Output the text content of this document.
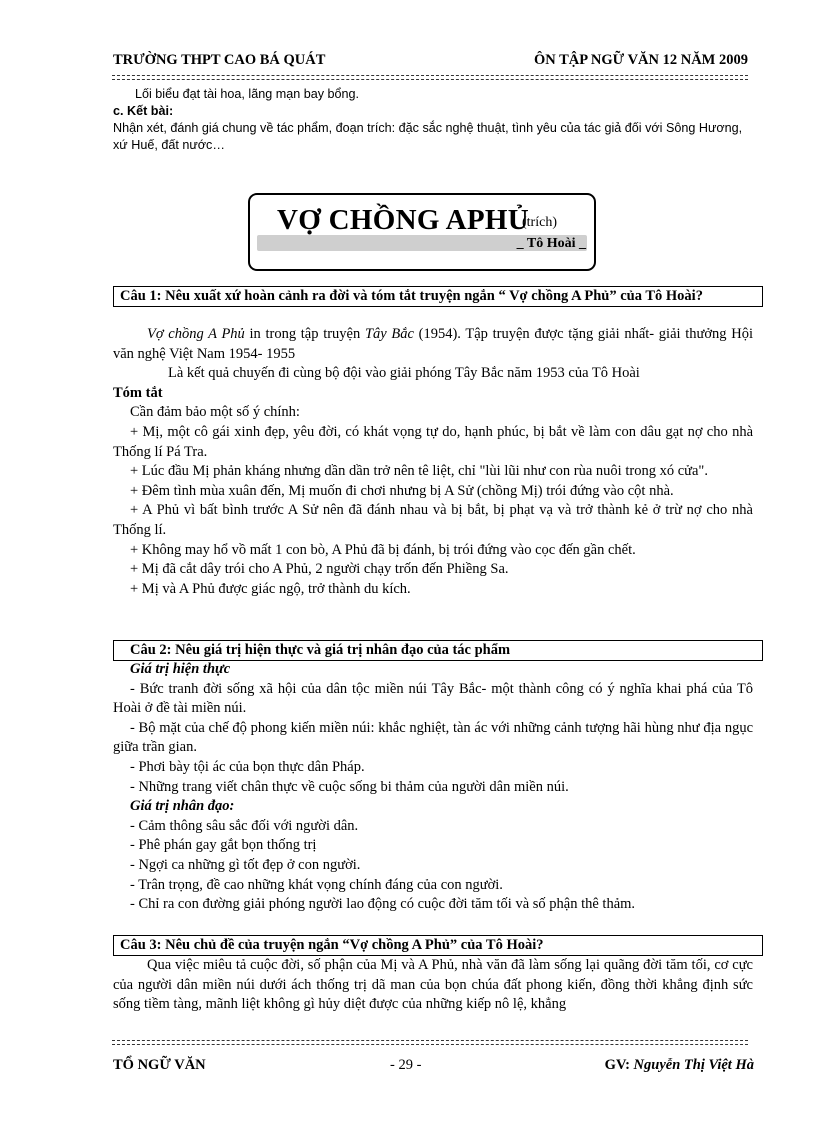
TRƯỜNG THPT CAO BÁ QUÁT	ÔN TẬP NGỮ VĂN 12 NĂM 2009

Lối biểu đạt tài hoa, lãng mạn bay bổng.

c. Kết bài:

Nhận xét, đánh giá chung về tác phẩm, đoạn trích: đặc sắc nghệ thuật, tình yêu của tác giả đối với Sông Hương, xứ Huế, đất nước…

VỢ CHỒNG APHỦ
(trích)
_ Tô Hoài _
Câu 1: Nêu xuất xứ hoàn cảnh ra đời và tóm tắt truyện ngắn “ Vợ chồng A Phủ” của Tô Hoài?

Vợ chồng A Phủ in trong tập truyện Tây Bắc (1954). Tập truyện được tặng giải nhất- giải thưởng Hội văn nghệ Việt Nam 1954- 1955

Là kết quả chuyến đi cùng bộ đội vào giải phóng Tây Bắc năm 1953 của Tô Hoài

Tóm tắt

Cần đảm bảo một số ý chính:

+ Mị, một cô gái xinh đẹp, yêu đời, có khát vọng tự do, hạnh phúc, bị bắt về làm con dâu gạt nợ cho nhà Thống lí Pá Tra.

+ Lúc đầu Mị phản kháng nhưng dần dần trở nên tê liệt, chỉ "lùi lũi như con rùa nuôi trong xó cửa".

+ Đêm tình mùa xuân đến, Mị muốn đi chơi nhưng bị A Sử (chồng Mị) trói đứng vào cột nhà.

+ A Phủ vì bất bình trước A Sử nên đã đánh nhau và bị bắt, bị phạt vạ và trở thành kẻ ở trừ nợ cho nhà Thống lí.

+ Không may hổ vồ mất 1 con bò, A Phủ đã bị đánh, bị trói đứng vào cọc đến gần chết.

+ Mị đã cắt dây trói cho A Phủ, 2 người chạy trốn đến Phiềng Sa.

+ Mị và A Phủ được giác ngộ, trở thành du kích.

Câu 2: Nêu giá trị hiện thực và giá trị nhân đạo của tác phẩm

Giá trị hiện thực

- Bức tranh đời sống xã hội của dân tộc miền núi Tây Bắc- một thành công có ý nghĩa khai phá của Tô Hoài ở đề tài miền núi.

- Bộ mặt của chế độ phong kiến miền núi: khắc nghiệt, tàn ác với những cảnh tượng hãi hùng như địa ngục giữa trần gian.

- Phơi bày tội ác của bọn thực dân Pháp.

- Những trang viết chân thực về cuộc sống bi thảm của người dân miền núi.

Giá trị nhân đạo:

- Cảm thông sâu sắc đối với người dân.

- Phê phán gay gắt bọn thống trị

- Ngợi ca những gì tốt đẹp ở con người.

- Trân trọng, đề cao những khát vọng chính đáng của con người.

- Chỉ ra con đường giải phóng người lao động có cuộc đời tăm tối và số phận thê thảm.

Câu 3: Nêu chủ đề của truyện ngắn “Vợ chồng A Phủ” của Tô Hoài?

Qua việc miêu tả cuộc đời, số phận của Mị và A Phủ, nhà văn đã làm sống lại quãng đời tăm tối, cơ cực của người dân miền núi dưới ách thống trị dã man của bọn chúa đất phong kiến, đồng thời khẳng định sức sống tiềm tàng, mãnh liệt không gì hủy diệt được của những kiếp nô lệ, khẳng

TỔ NGỮ VĂN	- 29 -	GV: Nguyễn Thị Việt Hà
